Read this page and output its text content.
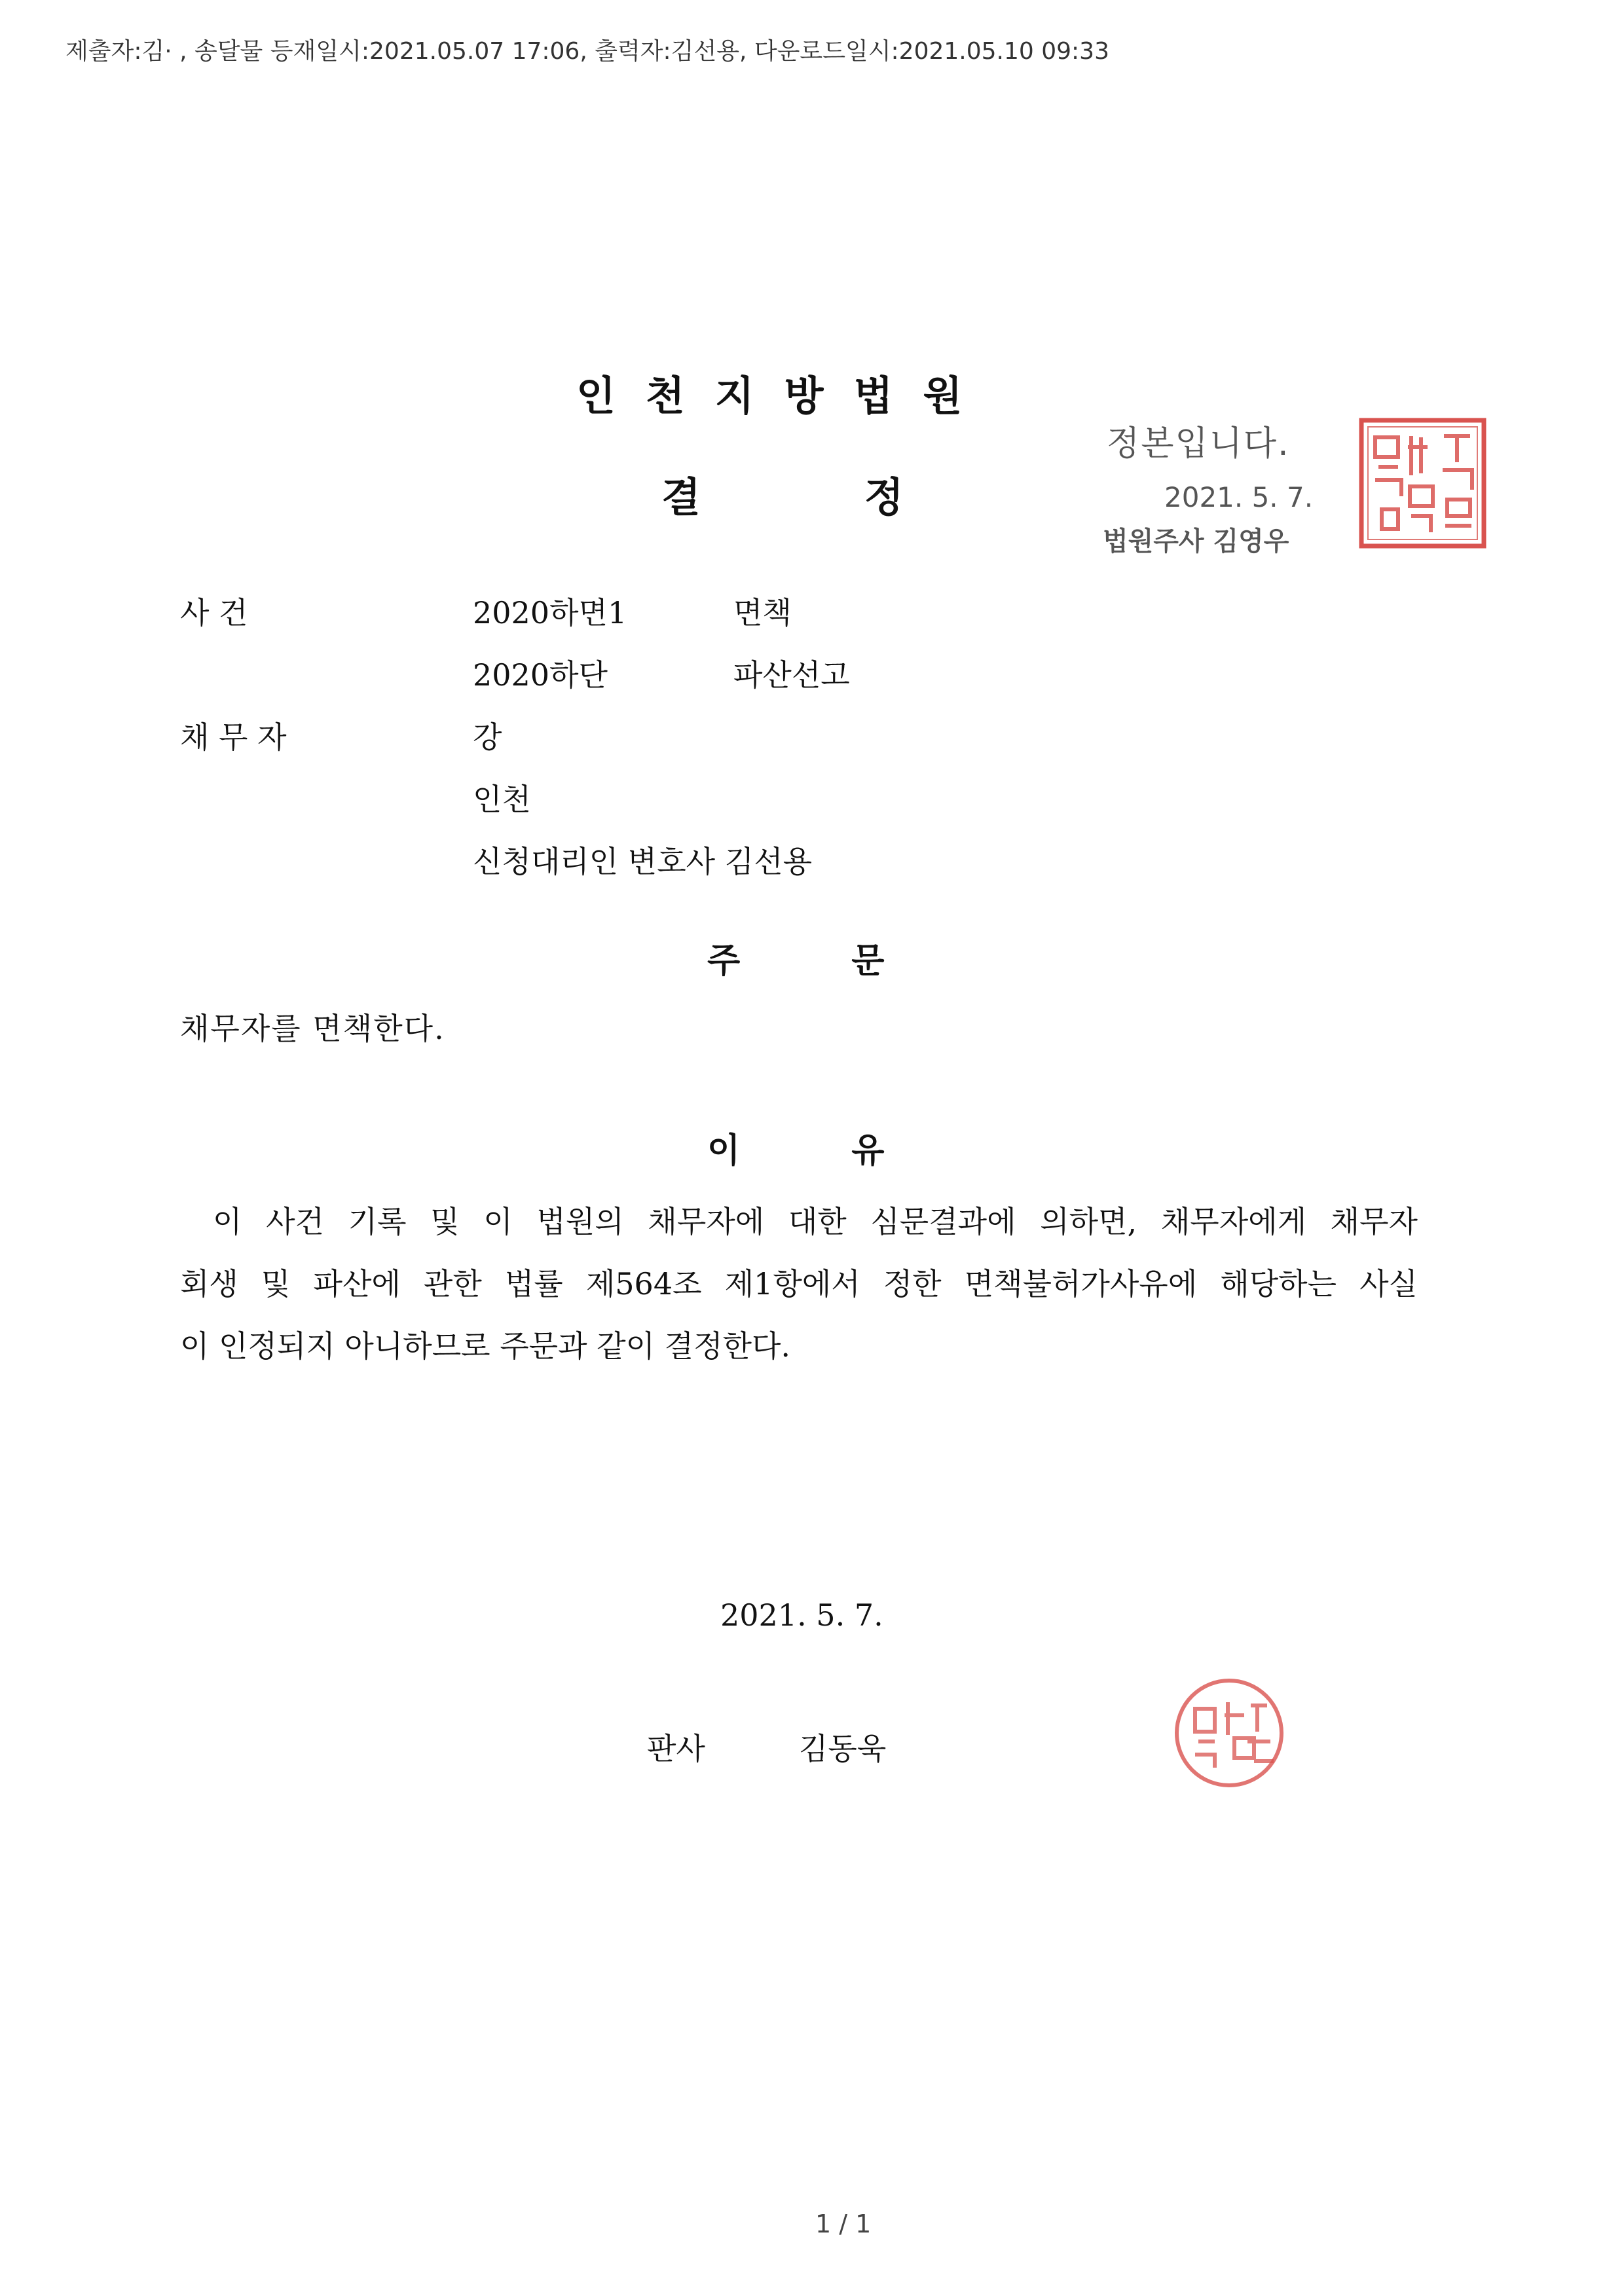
제출자:김· , 송달물 등재일시:2021.05.07 17:06, 출력자:김선용, 다운로드일시:2021.05.10 09:33
인천지방법원
결	정
정본입니다.
2021. 5. 7.
법원주사 김영우
사 건	2020하면1	면책
2020하단	파산선고
채 무 자	강
인천
신청대리인 변호사 김선용
주	문
채무자를 면책한다.
이	유
이 사건 기록 및 이 법원의 채무자에 대한 심문결과에 의하면, 채무자에게 채무자
회생 및 파산에 관한 법률 제564조 제1항에서 정한 면책불허가사유에 해당하는 사실
이 인정되지 아니하므로 주문과 같이 결정한다.
2021. 5. 7.
판사	김동욱
1 / 1
